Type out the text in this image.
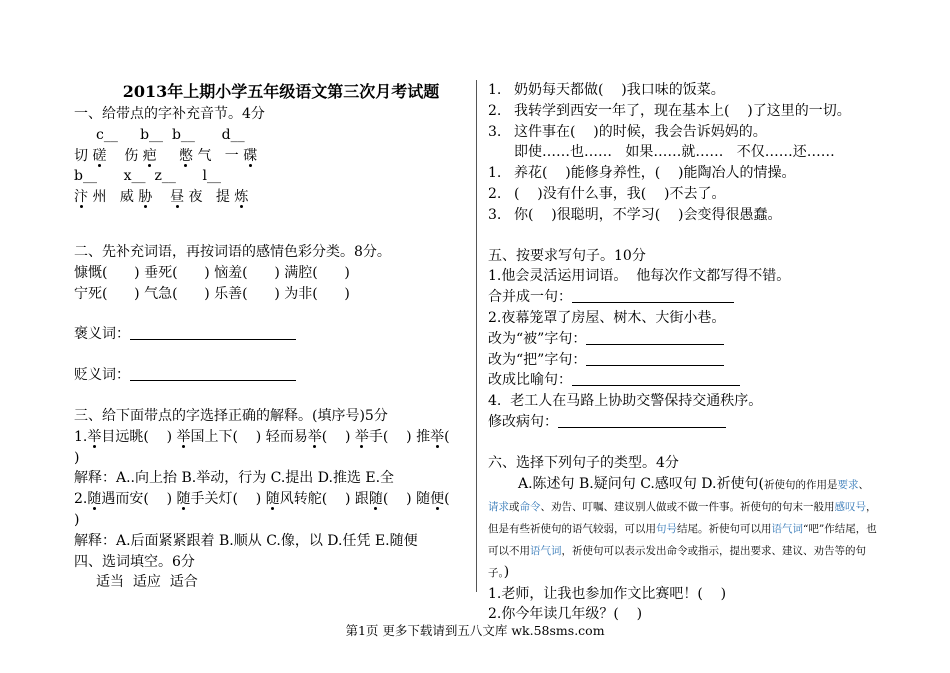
2013年上期小学五年级语文第三次月考试题
一、给带点的字补充音节。4分
c__     b__  b__      d__
切 磋 伤 疤 憋 气 一 碟
b__      x__  z__      l__
汴 州 威 胁 昼 夜 提 炼
二、先补充词语，再按词语的感情色彩分类。8分。
慷慨(      ) 垂死(      ) 恼羞(      ) 满腔(      )
宁死(      ) 气急(      ) 乐善(      ) 为非(      )
褒义词：
贬义词：
三、给下面带点的字选择正确的解释。(填序号)5分
1.举目远眺(    ) 举国上下(    ) 轻而易举(    ) 举手(    ) 推举(
)
解释：A..向上抬 B.举动，行为 C.提出 D.推选 E.全
2.随遇而安(    ) 随手关灯(    ) 随风转舵(    ) 跟随(    ) 随便(
)
解释：A.后面紧紧跟着 B.顺从 C.像，以 D.任凭 E.随便
四、选词填空。6分
适当  适应  适合
1. 奶奶每天都做(    )我口味的饭菜。
2. 我转学到西安一年了，现在基本上(    )了这里的一切。
3. 这件事在(    )的时候，我会告诉妈妈的。
即使……也……   如果……就……   不仅……还……
1. 养花(    )能修身养性，(    )能陶冶人的情操。
2. (    )没有什么事，我(    )不去了。
3. 你(    )很聪明，不学习(    )会变得很愚蠢。
五、按要求写句子。10分
1.他会灵活运用词语。  他每次作文都写得不错。
合并成一句：
2.夜幕笼罩了房屋、树木、大街小巷。
改为“被”字句：
改为“把”字句：
改成比喻句：
4.  老工人在马路上协助交警保持交通秩序。
修改病句：
六、选择下列句子的类型。4分
A.陈述句 B.疑问句 C.感叹句 D.祈使句(祈使句的作用是要求、请求或命令、劝告、叮嘱、建议别人做或不做一件事。祈使句的句末一般用感叹号，但是有些祈使句的语气较弱，可以用句号结尾。祈使句可以用语气词“吧”作结尾，也可以不用语气词，祈使句可以表示发出命令或指示，提出要求、建议、劝告等的句子。)
1.老师，让我也参加作文比赛吧！(    )
2.你今年读几年级？(    )
第1页 更多下载请到五八文库 wk.58sms.com
